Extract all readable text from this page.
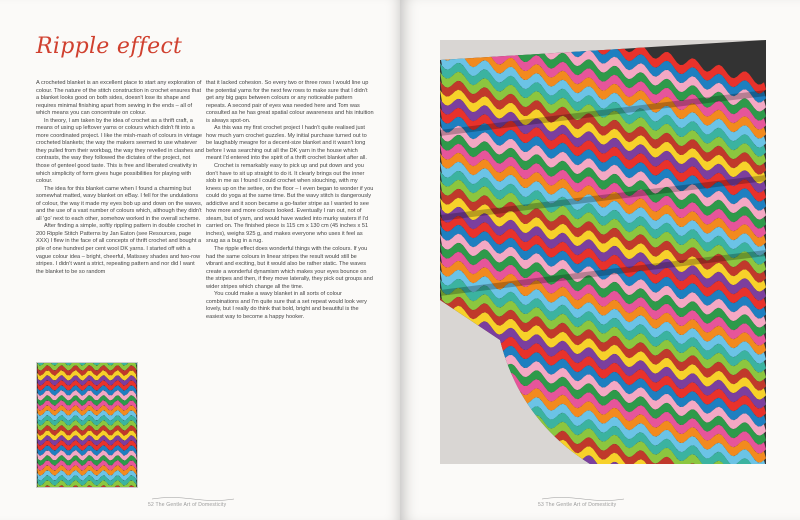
Ripple effect

A crocheted blanket is an excellent place to start any exploration of colour. The nature of the stitch construction in crochet ensures that a blanket looks good on both sides, doesn't lose its shape and requires minimal finishing apart from sewing in the ends – all of which means you can concentrate on colour.

In theory, I am taken by the idea of crochet as a thrift craft, a means of using up leftover yarns or colours which didn't fit into a more coordinated project. I like the mish-mash of colours in vintage crocheted blankets; the way the makers seemed to use whatever they pulled from their workbag, the way they revelled in clashes and contrasts, the way they followed the dictates of the project, not those of genteel good taste. This is free and liberated creativity in which simplicity of form gives huge possibilities for playing with colour.

The idea for this blanket came when I found a charming but somewhat matted, wavy blanket on eBay. I fell for the undulations of colour, the way it made my eyes bob up and down on the waves, and the use of a vast number of colours which, although they didn't all 'go' next to each other, somehow worked in the overall scheme.

After finding a simple, softly rippling pattern in double crochet in 200 Ripple Stitch Patterns by Jan Eaton (see Resources, page XXX) I flew in the face of all concepts of thrift crochet and bought a pile of one hundred per cent wool DK yarns. I started off with a vague colour idea – bright, cheerful, Matissey shades and two-row stripes. I didn't want a strict, repeating pattern and nor did I want the blanket to be so random

that it lacked cohesion. So every two or three rows I would line up the potential yarns for the next few rows to make sure that I didn't get any big gaps between colours or any noticeable pattern repeats. A second pair of eyes was needed here and Tom was consulted as he has great spatial colour awareness and his intuition is always spot-on.

As this was my first crochet project I hadn't quite realised just how much yarn crochet guzzles. My initial purchase turned out to be laughably meagre for a decent-size blanket and it wasn't long before I was searching out all the DK yarn in the house which meant I'd entered into the spirit of a thrift crochet blanket after all.

Crochet is remarkably easy to pick up and put down and you don't have to sit up straight to do it. It clearly brings out the inner slob in me as I found I could crochet when slouching, with my knees up on the settee, on the floor – I even began to wonder if you could do yoga at the same time. But the wavy stitch is dangerously addictive and it soon became a go-faster stripe as I wanted to see how more and more colours looked. Eventually I ran out, not of steam, but of yarn, and would have waded into murky waters if I'd carried on. The finished piece is 115 cm x 130 cm (45 inches x 51 inches), weighs 925 g, and makes everyone who uses it feel as snug as a bug in a rug.

The ripple effect does wonderful things with the colours. If you had the same colours in linear stripes the result would still be vibrant and exciting, but it would also be rather static. The waves create a wonderful dynamism which makes your eyes bounce on the stripes and then, if they move laterally, they pick out groups and wider stripes which change all the time.

You could make a wavy blanket in all sorts of colour combinations and I'm quite sure that a set repeat would look very lovely, but I really do think that bold, bright and beautiful is the easiest way to become a happy hooker.

52 The Gentle Art of Domesticity	53 The Gentle Art of Domesticity
